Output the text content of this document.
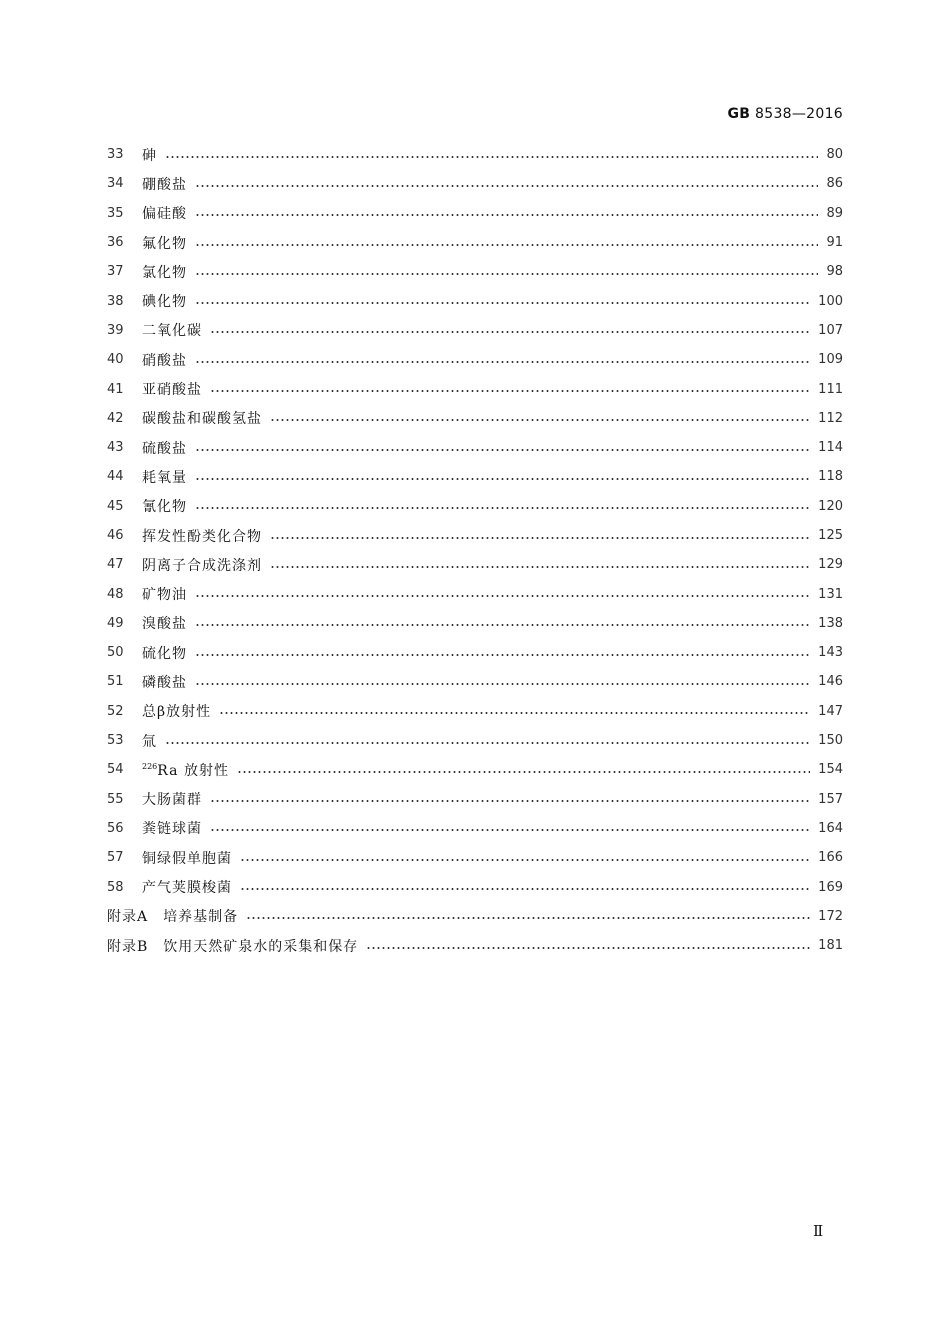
GB 8538—2016
33	砷	80
34	硼酸盐	86
35	偏硅酸	89
36	氟化物	91
37	氯化物	98
38	碘化物	100
39	二氧化碳	107
40	硝酸盐	109
41	亚硝酸盐	111
42	碳酸盐和碳酸氢盐	112
43	硫酸盐	114
44	耗氧量	118
45	氰化物	120
46	挥发性酚类化合物	125
47	阴离子合成洗涤剂	129
48	矿物油	131
49	溴酸盐	138
50	硫化物	143
51	磷酸盐	146
52	总β放射性	147
53	氚	150
54	$^{226}$Ra 放射性	154
55	大肠菌群	157
56	粪链球菌	164
57	铜绿假单胞菌	166
58	产气荚膜梭菌	169
附录A　培养基制备	172
附录B　饮用天然矿泉水的采集和保存	181
Ⅱ
